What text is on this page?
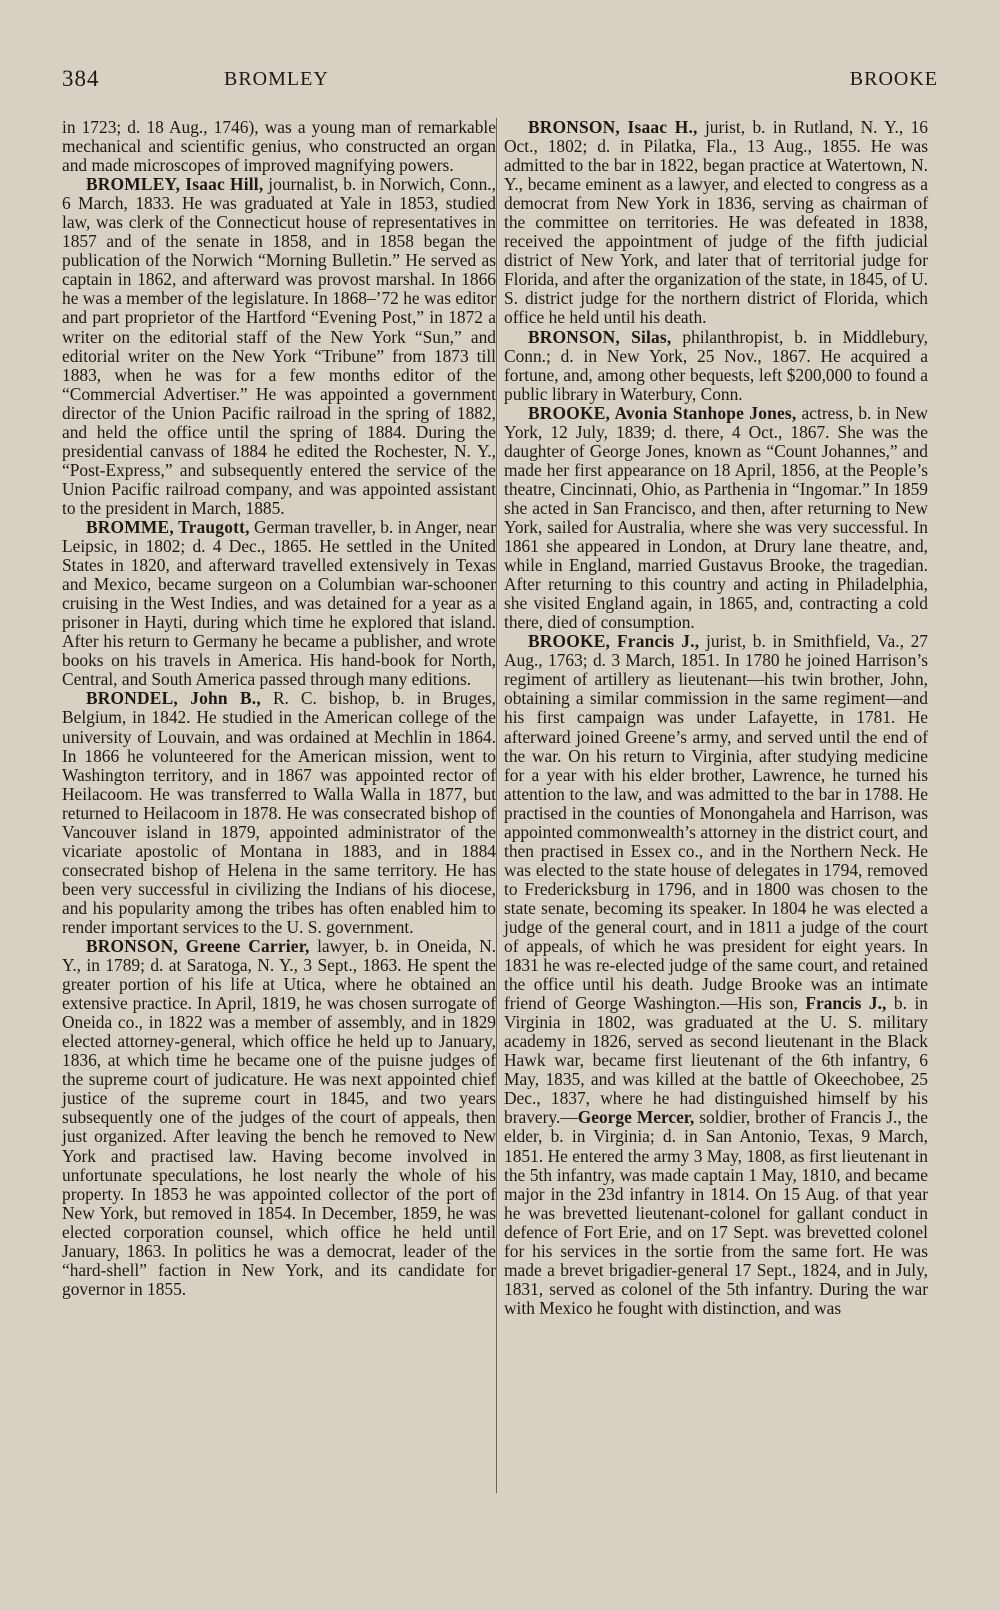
384	BROMLEY	BROOKE

in 1723; d. 18 Aug., 1746), was a young man of remarkable mechanical and scientific genius, who constructed an organ and made microscopes of improved magnifying powers.

BROMLEY, Isaac Hill, journalist, b. in Norwich, Conn., 6 March, 1833. He was graduated at Yale in 1853, studied law, was clerk of the Connecticut house of representatives in 1857 and of the senate in 1858, and in 1858 began the publication of the Norwich “Morning Bulletin.” He served as captain in 1862, and afterward was provost marshal. In 1866 he was a member of the legislature. In 1868–’72 he was editor and part proprietor of the Hartford “Evening Post,” in 1872 a writer on the editorial staff of the New York “Sun,” and editorial writer on the New York “Tribune” from 1873 till 1883, when he was for a few months editor of the “Commercial Advertiser.” He was appointed a government director of the Union Pacific railroad in the spring of 1882, and held the office until the spring of 1884. During the presidential canvass of 1884 he edited the Rochester, N. Y., “Post-Express,” and subsequently entered the service of the Union Pacific railroad company, and was appointed assistant to the president in March, 1885.

BROMME, Traugott, German traveller, b. in Anger, near Leipsic, in 1802; d. 4 Dec., 1865. He settled in the United States in 1820, and afterward travelled extensively in Texas and Mexico, became surgeon on a Columbian war-schooner cruising in the West Indies, and was detained for a year as a prisoner in Hayti, during which time he explored that island. After his return to Germany he became a publisher, and wrote books on his travels in America. His hand-book for North, Central, and South America passed through many editions.

BRONDEL, John B., R. C. bishop, b. in Bruges, Belgium, in 1842. He studied in the American college of the university of Louvain, and was ordained at Mechlin in 1864. In 1866 he volunteered for the American mission, went to Washington territory, and in 1867 was appointed rector of Heilacoom. He was transferred to Walla Walla in 1877, but returned to Heilacoom in 1878. He was consecrated bishop of Vancouver island in 1879, appointed administrator of the vicariate apostolic of Montana in 1883, and in 1884 consecrated bishop of Helena in the same territory. He has been very successful in civilizing the Indians of his diocese, and his popularity among the tribes has often enabled him to render important services to the U. S. government.

BRONSON, Greene Carrier, lawyer, b. in Oneida, N. Y., in 1789; d. at Saratoga, N. Y., 3 Sept., 1863. He spent the greater portion of his life at Utica, where he obtained an extensive practice. In April, 1819, he was chosen surrogate of Oneida co., in 1822 was a member of assembly, and in 1829 elected attorney-general, which office he held up to January, 1836, at which time he became one of the puisne judges of the supreme court of judicature. He was next appointed chief justice of the supreme court in 1845, and two years subsequently one of the judges of the court of appeals, then just organized. After leaving the bench he removed to New York and practised law. Having become involved in unfortunate speculations, he lost nearly the whole of his property. In 1853 he was appointed collector of the port of New York, but removed in 1854. In December, 1859, he was elected corporation counsel, which office he held until January, 1863. In politics he was a democrat, leader of the “hard-shell” faction in New York, and its candidate for governor in 1855.

BRONSON, Isaac H., jurist, b. in Rutland, N. Y., 16 Oct., 1802; d. in Pilatka, Fla., 13 Aug., 1855. He was admitted to the bar in 1822, began practice at Watertown, N. Y., became eminent as a lawyer, and elected to congress as a democrat from New York in 1836, serving as chairman of the committee on territories. He was defeated in 1838, received the appointment of judge of the fifth judicial district of New York, and later that of territorial judge for Florida, and after the organization of the state, in 1845, of U. S. district judge for the northern district of Florida, which office he held until his death.

BRONSON, Silas, philanthropist, b. in Middlebury, Conn.; d. in New York, 25 Nov., 1867. He acquired a fortune, and, among other bequests, left $200,000 to found a public library in Waterbury, Conn.

BROOKE, Avonia Stanhope Jones, actress, b. in New York, 12 July, 1839; d. there, 4 Oct., 1867. She was the daughter of George Jones, known as “Count Johannes,” and made her first appearance on 18 April, 1856, at the People’s theatre, Cincinnati, Ohio, as Parthenia in “Ingomar.” In 1859 she acted in San Francisco, and then, after returning to New York, sailed for Australia, where she was very successful. In 1861 she appeared in London, at Drury lane theatre, and, while in England, married Gustavus Brooke, the tragedian. After returning to this country and acting in Philadelphia, she visited England again, in 1865, and, contracting a cold there, died of consumption.

BROOKE, Francis J., jurist, b. in Smithfield, Va., 27 Aug., 1763; d. 3 March, 1851. In 1780 he joined Harrison’s regiment of artillery as lieutenant—his twin brother, John, obtaining a similar commission in the same regiment—and his first campaign was under Lafayette, in 1781. He afterward joined Greene’s army, and served until the end of the war. On his return to Virginia, after studying medicine for a year with his elder brother, Lawrence, he turned his attention to the law, and was admitted to the bar in 1788. He practised in the counties of Monongahela and Harrison, was appointed commonwealth’s attorney in the district court, and then practised in Essex co., and in the Northern Neck. He was elected to the state house of delegates in 1794, removed to Fredericksburg in 1796, and in 1800 was chosen to the state senate, becoming its speaker. In 1804 he was elected a judge of the general court, and in 1811 a judge of the court of appeals, of which he was president for eight years. In 1831 he was re-elected judge of the same court, and retained the office until his death. Judge Brooke was an intimate friend of George Washington.—His son, Francis J., b. in Virginia in 1802, was graduated at the U. S. military academy in 1826, served as second lieutenant in the Black Hawk war, became first lieutenant of the 6th infantry, 6 May, 1835, and was killed at the battle of Okeechobee, 25 Dec., 1837, where he had distinguished himself by his bravery.—George Mercer, soldier, brother of Francis J., the elder, b. in Virginia; d. in San Antonio, Texas, 9 March, 1851. He entered the army 3 May, 1808, as first lieutenant in the 5th infantry, was made captain 1 May, 1810, and became major in the 23d infantry in 1814. On 15 Aug. of that year he was brevetted lieutenant-colonel for gallant conduct in defence of Fort Erie, and on 17 Sept. was brevetted colonel for his services in the sortie from the same fort. He was made a brevet brigadier-general 17 Sept., 1824, and in July, 1831, served as colonel of the 5th infantry. During the war with Mexico he fought with distinction, and was
